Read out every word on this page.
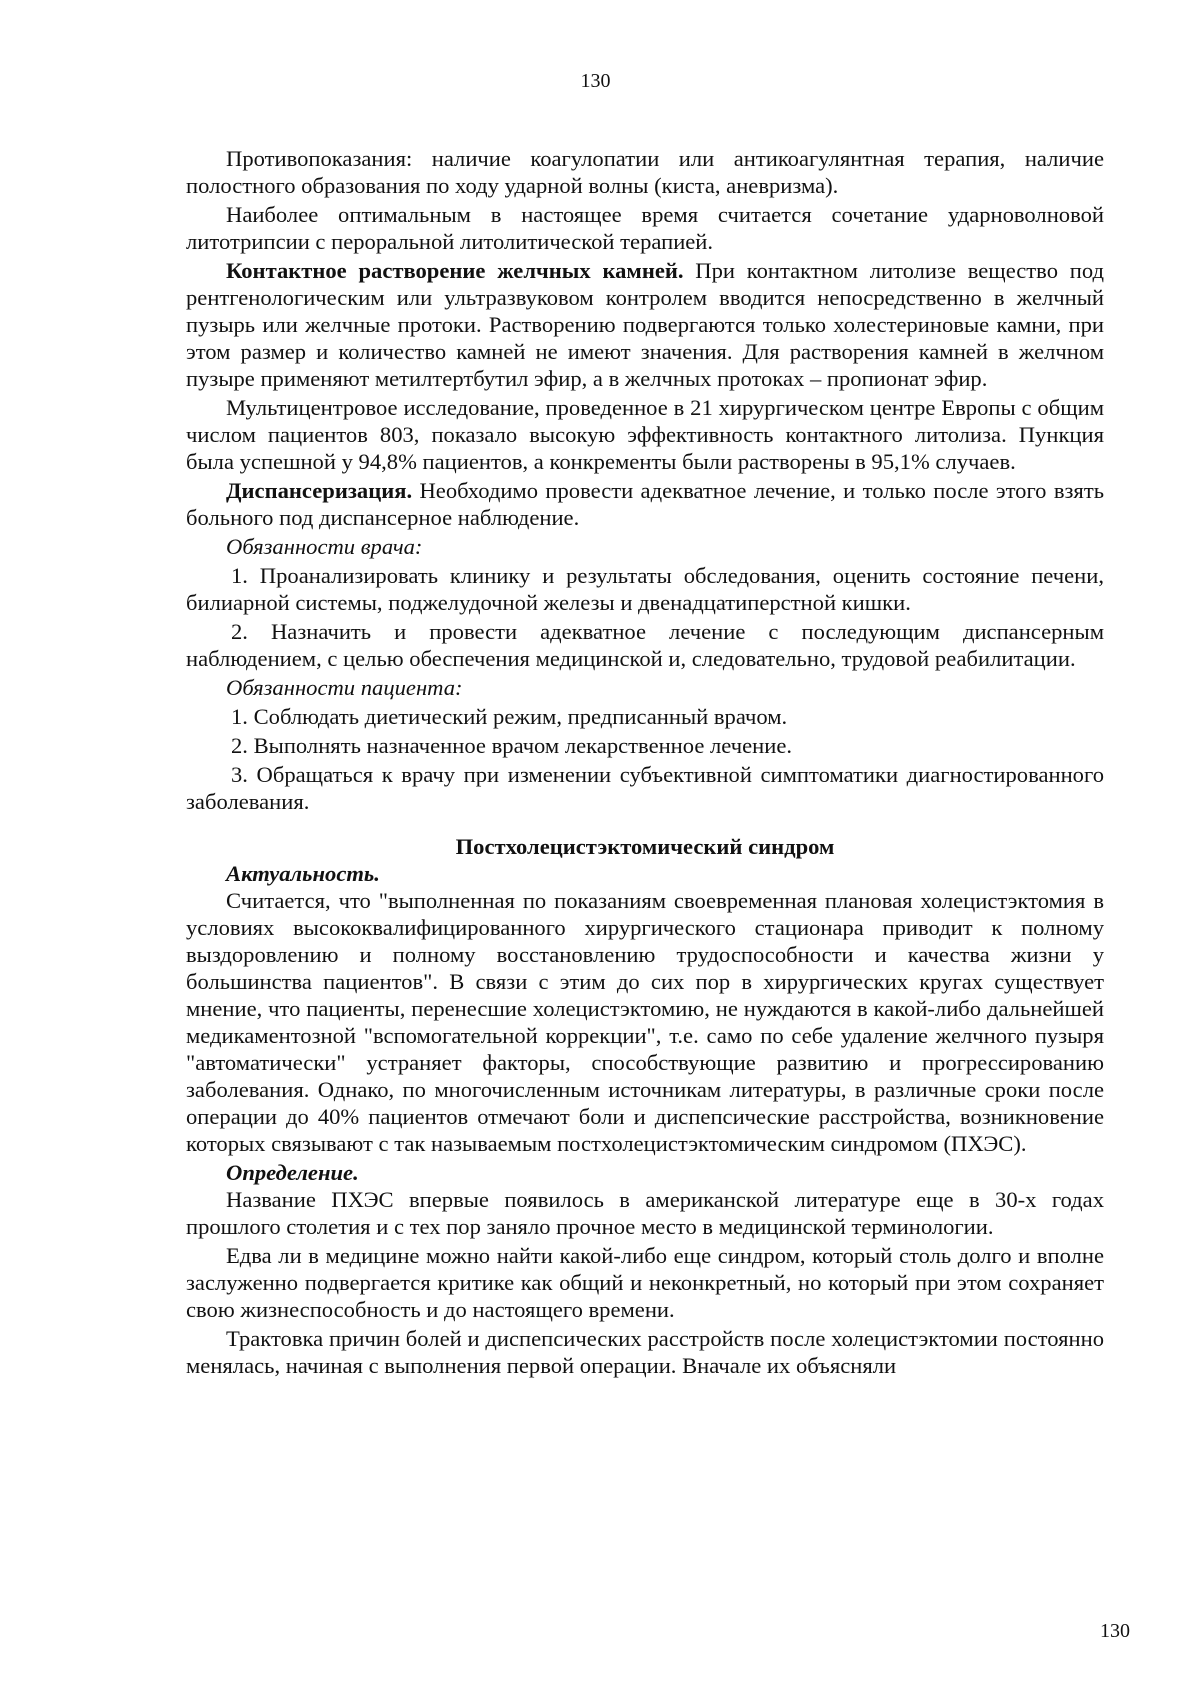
130

Противопоказания: наличие коагулопатии или антикоагулянтная терапия, наличие полостного образования по ходу ударной волны (киста, аневризма).

Наиболее оптимальным в настоящее время считается сочетание ударноволновой литотрипсии с пероральной литолитической терапией.

Контактное растворение желчных камней. При контактном литолизе вещество под рентгенологическим или ультразвуковом контролем вводится непосредственно в желчный пузырь или желчные протоки. Растворению подвергаются только холестериновые камни, при этом размер и количество камней не имеют значения. Для растворения камней в желчном пузыре применяют метилтертбутил эфир, а в желчных протоках – пропионат эфир.

Мультицентровое исследование, проведенное в 21 хирургическом центре Европы с общим числом пациентов 803, показало высокую эффективность контактного литолиза. Пункция была успешной у 94,8% пациентов, а конкременты были растворены в 95,1% случаев.

Диспансеризация. Необходимо провести адекватное лечение, и только после этого взять больного под диспансерное наблюдение.

Обязанности врача:

1. Проанализировать клинику и результаты обследования, оценить состояние печени, билиарной системы, поджелудочной железы и двенадцатиперстной кишки.

2. Назначить и провести адекватное лечение с последующим диспансерным наблюдением, с целью обеспечения медицинской и, следовательно, трудовой реабилитации.

Обязанности пациента:

1. Соблюдать диетический режим, предписанный врачом.

2. Выполнять назначенное врачом лекарственное лечение.

3. Обращаться к врачу при изменении субъективной симптоматики диагностированного заболевания.

Постхолецистэктомический синдром

Актуальность.

Считается, что "выполненная по показаниям своевременная плановая холецистэктомия в условиях высококвалифицированного хирургического стационара приводит к полному выздоровлению и полному восстановлению трудоспособности и качества жизни у большинства пациентов". В связи с этим до сих пор в хирургических кругах существует мнение, что пациенты, перенесшие холецистэктомию, не нуждаются в какой-либо дальнейшей медикаментозной "вспомогательной коррекции", т.е. само по себе удаление желчного пузыря "автоматически" устраняет факторы, способствующие развитию и прогрессированию заболевания. Однако, по многочисленным источникам литературы, в различные сроки после операции до 40% пациентов отмечают боли и диспепсические расстройства, возникновение которых связывают с так называемым постхолецистэктомическим синдромом (ПХЭС).

Определение.

Название ПХЭС впервые появилось в американской литературе еще в 30-х годах прошлого столетия и с тех пор заняло прочное место в медицинской терминологии.

Едва ли в медицине можно найти какой-либо еще синдром, который столь долго и вполне заслуженно подвергается критике как общий и неконкретный, но который при этом сохраняет свою жизнеспособность и до настоящего времени.

Трактовка причин болей и диспепсических расстройств после холецистэктомии постоянно менялась, начиная с выполнения первой операции. Вначале их объясняли

130
